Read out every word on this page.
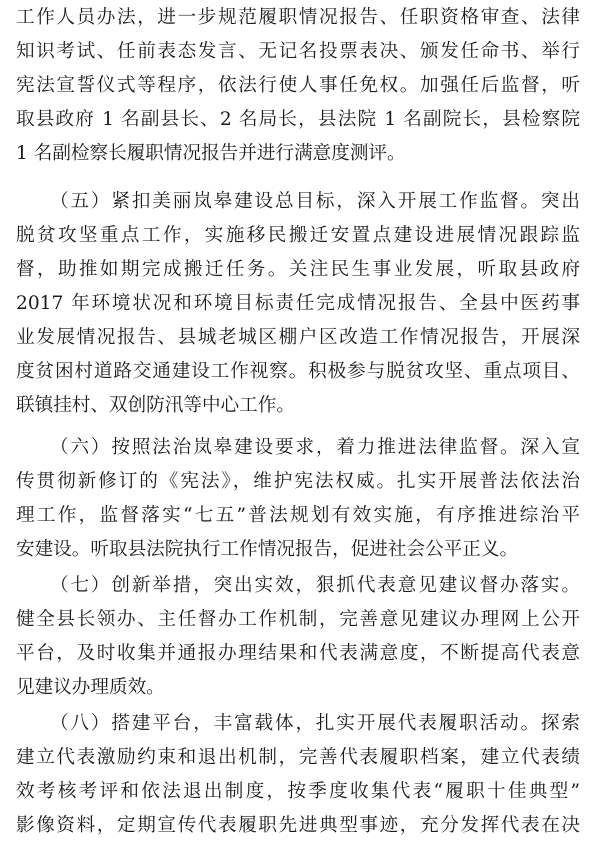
工作人员办法，进一步规范履职情况报告、任职资格审查、法律
知识考试、任前表态发言、无记名投票表决、颁发任命书、举行
宪法宣誓仪式等程序，依法行使人事任免权。加强任后监督，听
取县政府 1 名副县长、2 名局长，县法院 1 名副院长，县检察院
1 名副检察长履职情况报告并进行满意度测评。
（五）紧扣美丽岚皋建设总目标，深入开展工作监督。突出
脱贫攻坚重点工作，实施移民搬迁安置点建设进展情况跟踪监
督，助推如期完成搬迁任务。关注民生事业发展，听取县政府
2017 年环境状况和环境目标责任完成情况报告、全县中医药事
业发展情况报告、县城老城区棚户区改造工作情况报告，开展深
度贫困村道路交通建设工作视察。积极参与脱贫攻坚、重点项目、
联镇挂村、双创防汛等中心工作。
（六）按照法治岚皋建设要求，着力推进法律监督。深入宣
传贯彻新修订的《宪法》，维护宪法权威。扎实开展普法依法治
理工作，监督落实“七五”普法规划有效实施，有序推进综治平
安建设。听取县法院执行工作情况报告，促进社会公平正义。
（七）创新举措，突出实效，狠抓代表意见建议督办落实。
健全县长领办、主任督办工作机制，完善意见建议办理网上公开
平台，及时收集并通报办理结果和代表满意度，不断提高代表意
见建议办理质效。
（八）搭建平台，丰富载体，扎实开展代表履职活动。探索
建立代表激励约束和退出机制，完善代表履职档案，建立代表绩
效考核考评和依法退出制度，按季度收集代表“履职十佳典型”
影像资料，定期宣传代表履职先进典型事迹，充分发挥代表在决
